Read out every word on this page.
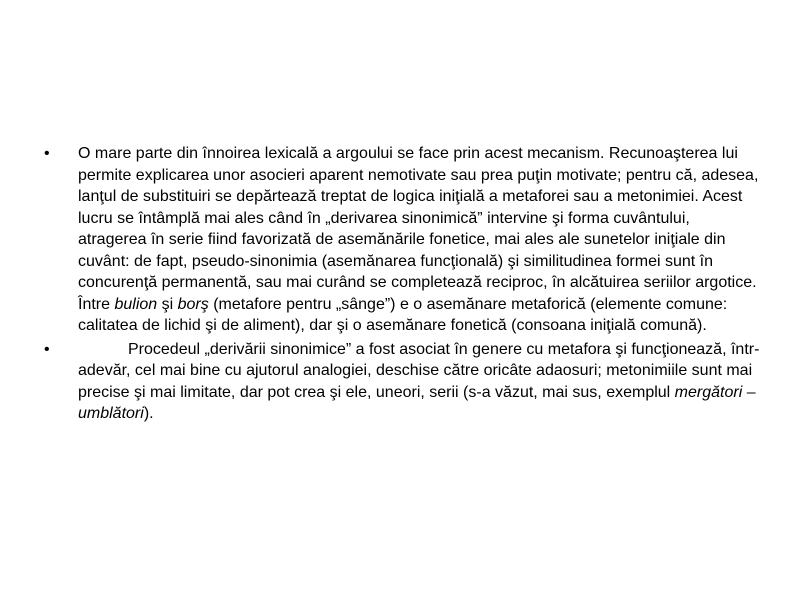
• O mare parte din înnoirea lexicală a argoului se face prin acest mecanism. Recunoaşterea lui permite explicarea unor asocieri aparent nemotivate sau prea puţin motivate; pentru că, adesea, lanţul de substituiri se depărtează treptat de logica iniţială a metaforei sau a metonimiei. Acest lucru se întâmplă mai ales când în „derivarea sinonimică” intervine şi forma cuvântului, atragerea în serie fiind favorizată de asemănările fonetice, mai ales ale sunetelor iniţiale din cuvânt: de fapt, pseudo-sinonimia (asemănarea funcţională) şi similitudinea formei sunt în concurenţă permanentă, sau mai curând se completează reciproc, în alcătuirea seriilor argotice. Între bulion şi borş (metafore pentru „sânge”) e o asemănare metaforică (elemente comune: calitatea de lichid şi de aliment), dar şi o asemănare fonetică (consoana iniţială comună).
•	Procedeul „derivării sinonimice” a fost asociat în genere cu metafora şi funcţionează, într-adevăr, cel mai bine cu ajutorul analogiei, deschise către oricâte adaosuri; metonimiile sunt mai precise şi mai limitate, dar pot crea şi ele, uneori, serii (s-a văzut, mai sus, exemplul mergători – umblători).
